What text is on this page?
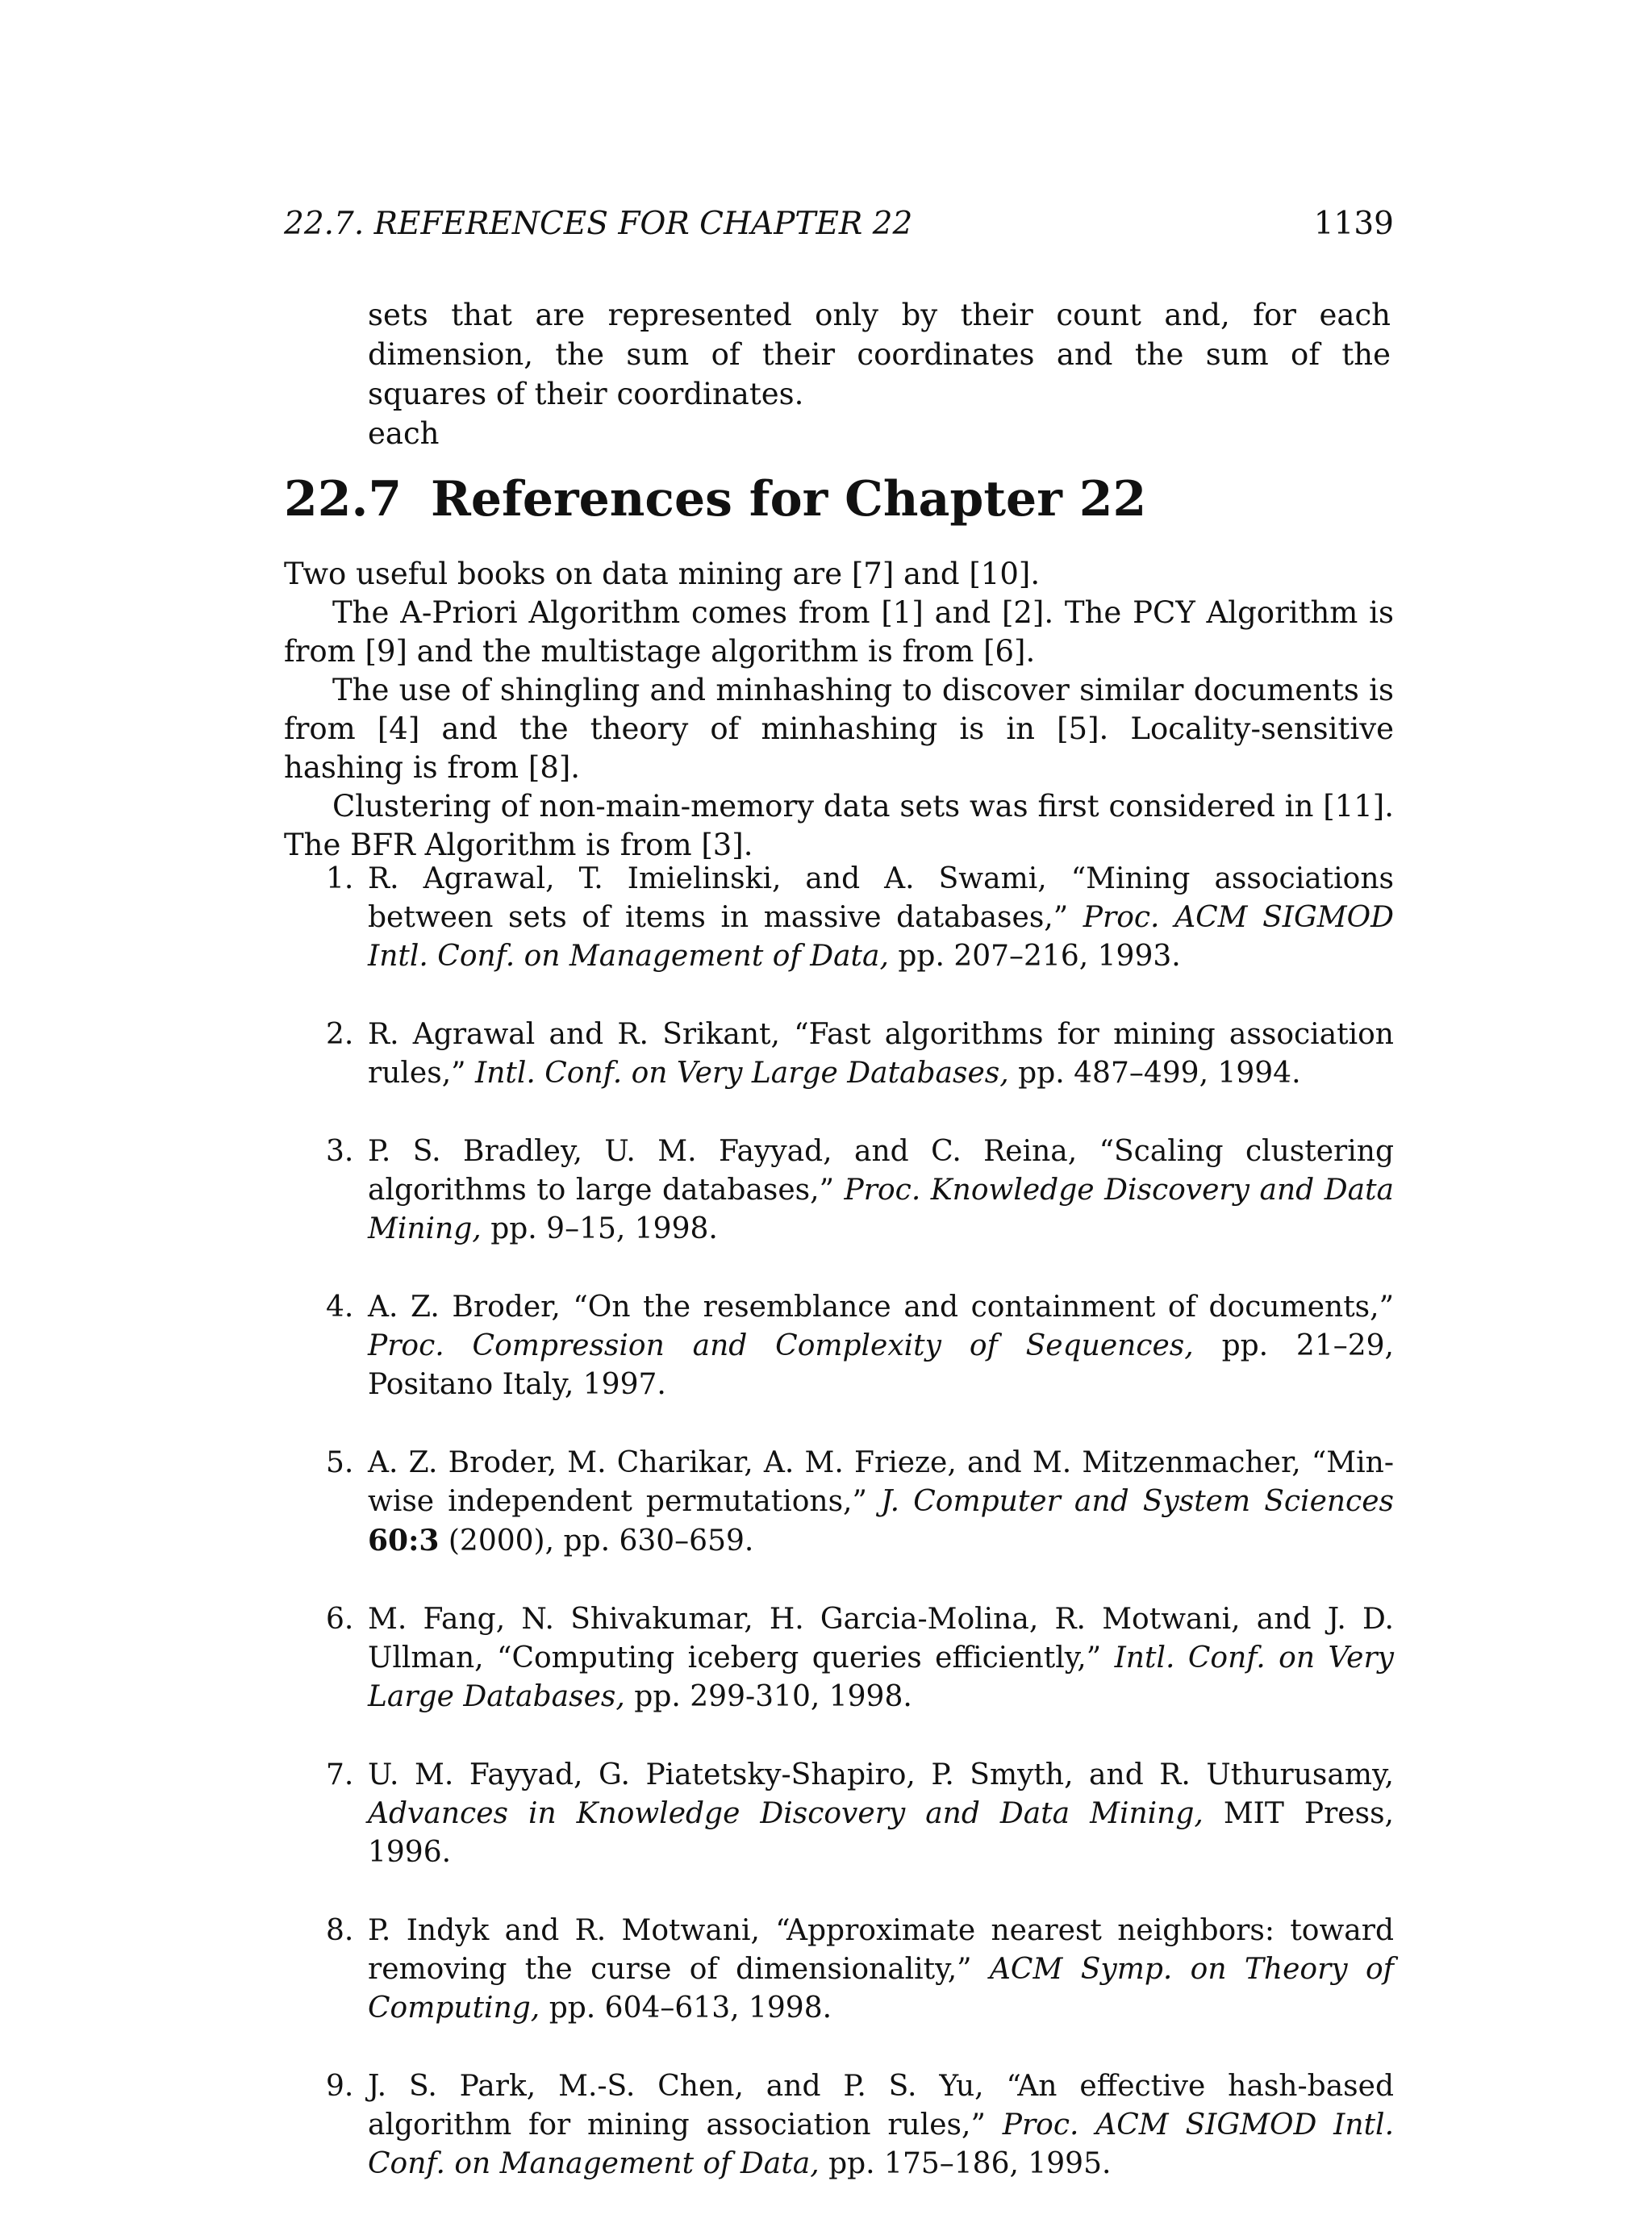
22.7. REFERENCES FOR CHAPTER 22	1139

sets that are represented only by their count and, for each dimension, the sum of their coordinates and the sum of the squares of their coordinates.

each

22.7 References for Chapter 22

Two useful books on data mining are [7] and [10].

The A-Priori Algorithm comes from [1] and [2]. The PCY Algorithm is from [9] and the multistage algorithm is from [6].

The use of shingling and minhashing to discover similar documents is from [4] and the theory of minhashing is in [5]. Locality-sensitive hashing is from [8].

Clustering of non-main-memory data sets was first considered in [11]. The BFR Algorithm is from [3].

1. R. Agrawal, T. Imielinski, and A. Swami, “Mining associations between sets of items in massive databases,” Proc. ACM SIGMOD Intl. Conf. on Management of Data, pp. 207–216, 1993.
2. R. Agrawal and R. Srikant, “Fast algorithms for mining association rules,” Intl. Conf. on Very Large Databases, pp. 487–499, 1994.
3. P. S. Bradley, U. M. Fayyad, and C. Reina, “Scaling clustering algorithms to large databases,” Proc. Knowledge Discovery and Data Mining, pp. 9–15, 1998.
4. A. Z. Broder, “On the resemblance and containment of documents,” Proc. Compression and Complexity of Sequences, pp. 21–29, Positano Italy, 1997.
5. A. Z. Broder, M. Charikar, A. M. Frieze, and M. Mitzenmacher, “Min-wise independent permutations,” J. Computer and System Sciences 60:3 (2000), pp. 630–659.
6. M. Fang, N. Shivakumar, H. Garcia-Molina, R. Motwani, and J. D. Ullman, “Computing iceberg queries efficiently,” Intl. Conf. on Very Large Databases, pp. 299-310, 1998.
7. U. M. Fayyad, G. Piatetsky-Shapiro, P. Smyth, and R. Uthurusamy, Advances in Knowledge Discovery and Data Mining, MIT Press, 1996.
8. P. Indyk and R. Motwani, “Approximate nearest neighbors: toward removing the curse of dimensionality,” ACM Symp. on Theory of Computing, pp. 604–613, 1998.
9. J. S. Park, M.-S. Chen, and P. S. Yu, “An effective hash-based algorithm for mining association rules,” Proc. ACM SIGMOD Intl. Conf. on Management of Data, pp. 175–186, 1995.
